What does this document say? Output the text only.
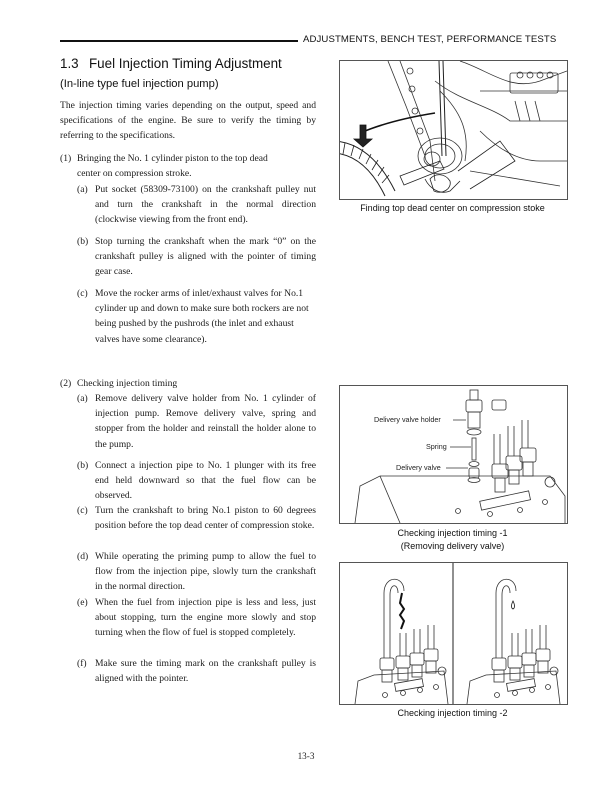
ADJUSTMENTS, BENCH TEST, PERFORMANCE TESTS
1.3 Fuel Injection Timing Adjustment
(In-line type fuel injection pump)
The injection timing varies depending on the output, speed and specifications of the engine. Be sure to verify the timing by referring to the specifications.
(1) Bringing the No. 1 cylinder piston to the top dead center on compression stroke.
(a) Put socket (58309-73100) on the crankshaft pulley nut and turn the crankshaft in the normal direction (clockwise viewing from the front end).
(b) Stop turning the crankshaft when the mark “0” on the crankshaft pulley is aligned with the pointer of timing gear case.
(c) Move the rocker arms of inlet/exhaust valves for No.1 cylinder up and down to make sure both rockers are not being pushed by the pushrods (the inlet and exhaust valves have some clearance).
(2) Checking injection timing
(a) Remove delivery valve holder from No. 1 cylinder of injection pump. Remove delivery valve, spring and stopper from the holder and reinstall the holder alone to the pump.
(b) Connect a injection pipe to No. 1 plunger with its free end held downward so that the fuel flow can be observed.
(c) Turn the crankshaft to bring No.1 piston to 60 degrees position before the top dead center of compression stoke.
(d) While operating the priming pump to allow the fuel to flow from the injection pipe, slowly turn the crankshaft in the normal direction.
(e) When the fuel from injection pipe is less and less, just about stopping, turn the engine more slowly and stop turning when the flow of fuel is stopped completely.
(f) Make sure the timing mark on the crankshaft pulley is aligned with the pointer.
Finding top dead center on compression stoke
Delivery valve holder
Spring
Delivery valve
Checking injection timing -1
(Removing delivery valve)
Checking injection timing -2
13-3
